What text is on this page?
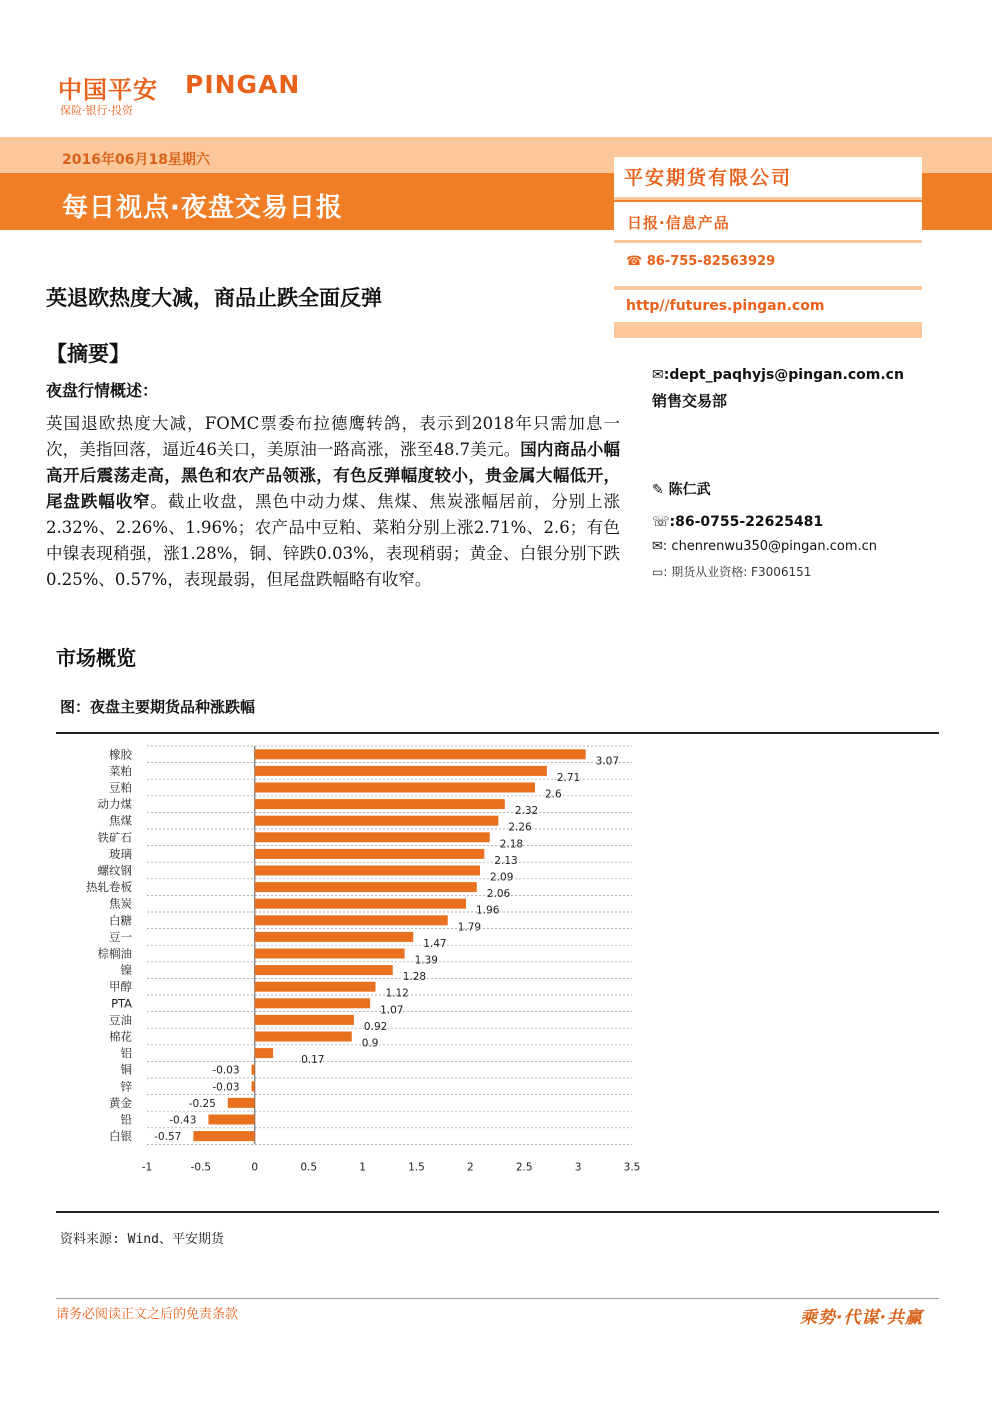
中国平安 PINGAN
保险·银行·投资
2016年06月18星期六
每日视点·夜盘交易日报
平安期货有限公司
日报·信息产品
☎ 86-755-82563929
http//futures.pingan.com
✉:dept_paqhyjs@pingan.com.cn
销售交易部
✎ 陈仁武
☏:86-0755-22625481
✉: chenrenwu350@pingan.com.cn
▭: 期货从业资格: F3006151
英退欧热度大减，商品止跌全面反弹
【摘要】
夜盘行情概述：
英国退欧热度大减，FOMC票委布拉德鹰转鸽，表示到2018年只需加息一次，美指回落，逼近46关口，美原油一路高涨，涨至48.7美元。国内商品小幅高开后震荡走高，黑色和农产品领涨，有色反弹幅度较小，贵金属大幅低开，尾盘跌幅收窄。截止收盘，黑色中动力煤、焦煤、焦炭涨幅居前，分别上涨2.32%、2.26%、1.96%；农产品中豆粕、菜粕分别上涨2.71%、2.6；有色中镍表现稍强，涨1.28%，铜、锌跌0.03%，表现稍弱；黄金、白银分别下跌0.25%、0.57%，表现最弱，但尾盘跌幅略有收窄。
市场概览
图：夜盘主要期货品种涨跌幅
橡胶	3.07
菜粕	2.71
豆粕	2.6
动力煤	2.32
焦煤	2.26
铁矿石	2.18
玻璃	2.13
螺纹钢	2.09
热轧卷板	2.06
焦炭	1.96
白糖	1.79
豆一	1.47
棕榈油	1.39
镍	1.28
甲醇	1.12
PTA	1.07
豆油	0.92
棉花	0.9
铝	0.17
铜	-0.03
锌	-0.03
黄金	-0.25
铅	-0.43
白银 -0.57
-1	-0.5	0	0.5	1	1.5	2	2.5	3	3.5
资料来源: Wind、平安期货
请务必阅读正文之后的免责条款	乘势·代谋·共赢
